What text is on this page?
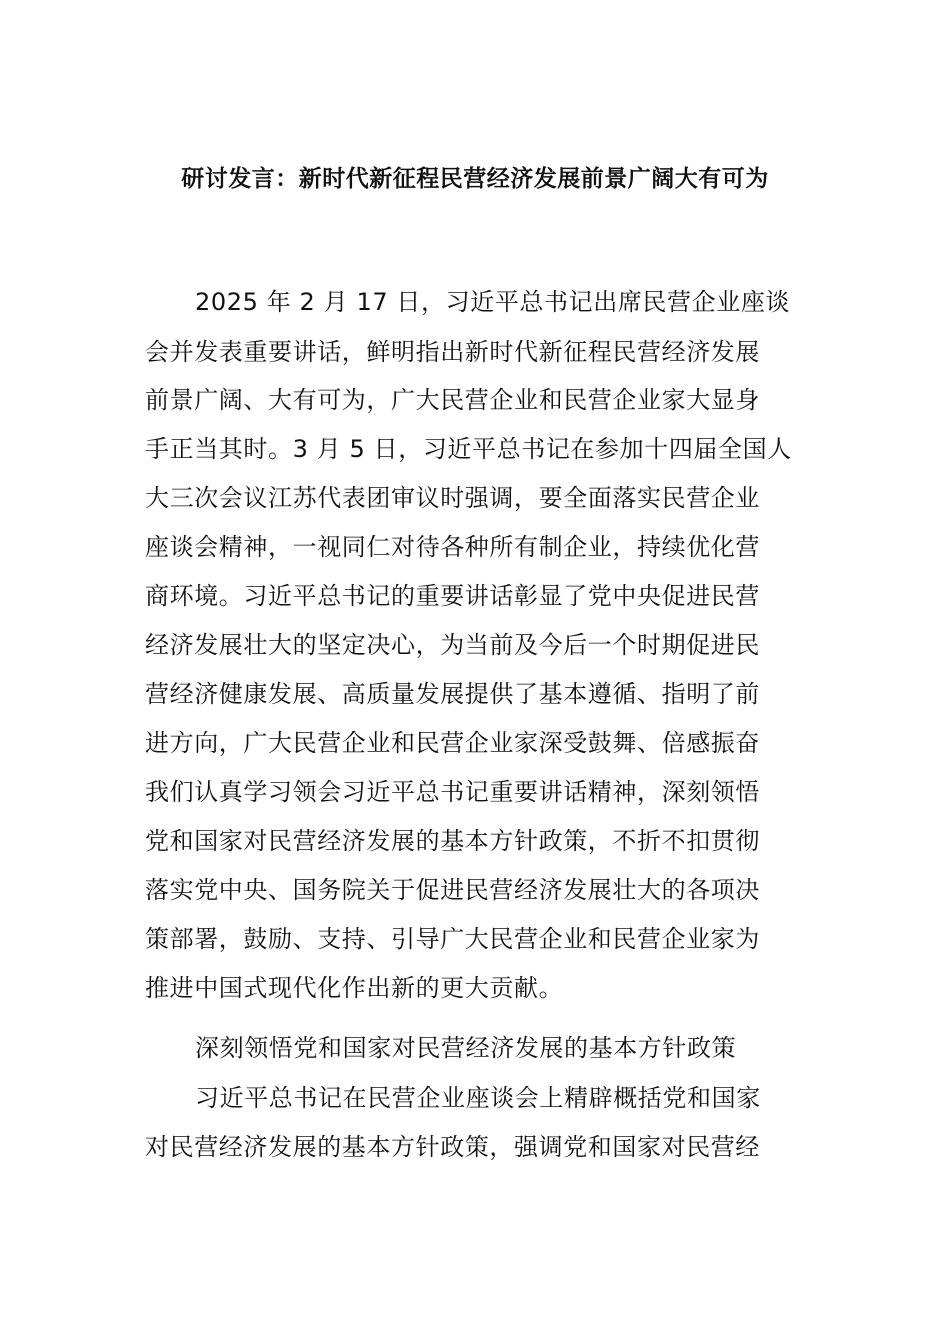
研讨发言：新时代新征程民营经济发展前景广阔大有可为
2025 年 2 月 17 日，习近平总书记出席民营企业座谈
会并发表重要讲话，鲜明指出新时代新征程民营经济发展
前景广阔、大有可为，广大民营企业和民营企业家大显身
手正当其时。3 月 5 日，习近平总书记在参加十四届全国人
大三次会议江苏代表团审议时强调，要全面落实民营企业
座谈会精神，一视同仁对待各种所有制企业，持续优化营
商环境。习近平总书记的重要讲话彰显了党中央促进民营
经济发展壮大的坚定决心，为当前及今后一个时期促进民
营经济健康发展、高质量发展提供了基本遵循、指明了前
进方向，广大民营企业和民营企业家深受鼓舞、倍感振奋
我们认真学习领会习近平总书记重要讲话精神，深刻领悟
党和国家对民营经济发展的基本方针政策，不折不扣贯彻
落实党中央、国务院关于促进民营经济发展壮大的各项决
策部署，鼓励、支持、引导广大民营企业和民营企业家为
推进中国式现代化作出新的更大贡献。
深刻领悟党和国家对民营经济发展的基本方针政策
习近平总书记在民营企业座谈会上精辟概括党和国家
对民营经济发展的基本方针政策，强调党和国家对民营经
